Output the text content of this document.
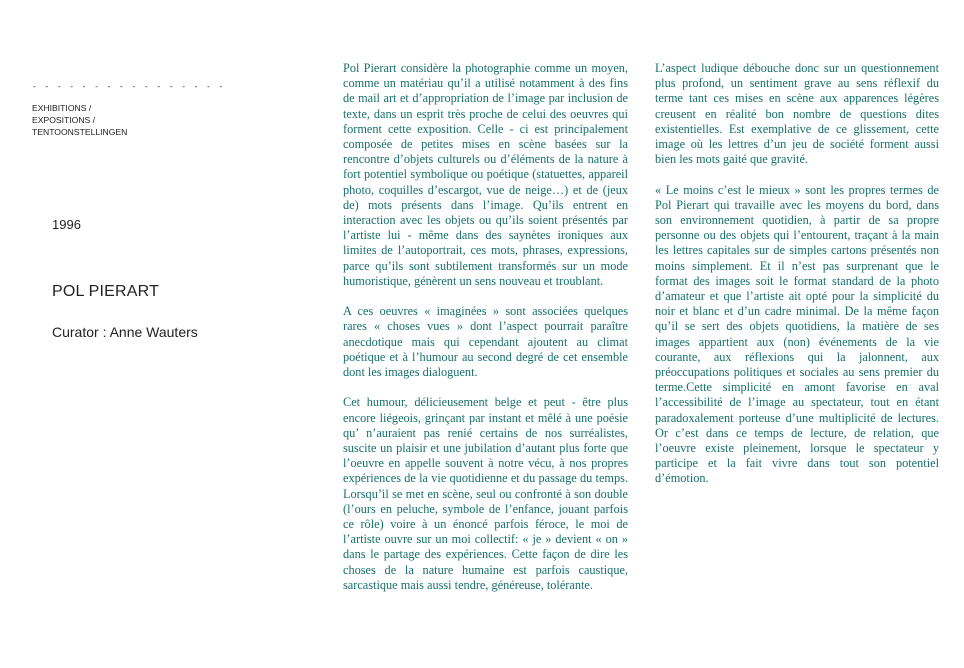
- - - - - - - - - - - - - - - -
EXHIBITIONS /
EXPOSITIONS /
TENTOONSTELLINGEN
1996
POL PIERART
Curator : Anne Wauters

Pol Pierart considère la photographie comme un moyen, comme un matériau qu’il a utilisé notamment à des fins de mail art et d’appropriation de l’image par inclusion de texte, dans un esprit très proche de celui des oeuvres qui forment cette exposition. Celle - ci est principalement composée de petites mises en scène basées sur la rencontre d’objets culturels ou d’éléments de la nature à fort potentiel symbolique ou poétique (statuettes, appareil photo, coquilles d’escargot, vue de neige…) et de (jeux de) mots présents dans l’image. Qu’ils entrent en interaction avec les objets ou qu’ils soient présentés par l’artiste lui - même dans des saynètes ironiques aux limites de l’autoportrait, ces mots, phrases, expressions, parce qu’ils sont subtilement transformés sur un mode humoristique, génèrent un sens nouveau et troublant.

A ces oeuvres « imaginées » sont associées quelques rares « choses vues » dont l’aspect pourrait paraître anecdotique mais qui cependant ajoutent au climat poétique et à l’humour au second degré de cet ensemble dont les images dialoguent.

Cet humour, délicieusement belge et peut - être plus encore liégeois, grinçant par instant et mêlé à une poésie qu’ n’auraient pas renié certains de nos surréalistes, suscite un plaisir et une jubilation d’autant plus forte que l’oeuvre en appelle souvent à notre vécu, à nos propres expériences de la vie quotidienne et du passage du temps. Lorsqu’il se met en scène, seul ou confronté à son double (l’ours en peluche, symbole de l’enfance, jouant parfois ce rôle) voire à un énoncé parfois féroce, le moi de l’artiste ouvre sur un moi collectif: « je » devient « on » dans le partage des expériences. Cette façon de dire les choses de la nature humaine est parfois caustique, sarcastique mais aussi tendre, généreuse, tolérante.

L’aspect ludique débouche donc sur un questionnement plus profond, un sentiment grave au sens réflexif du terme tant ces mises en scène aux apparences légères creusent en réalité bon nombre de questions dites existentielles. Est exemplative de ce glissement, cette image où les lettres d’un jeu de société forment aussi bien les mots gaité que gravité.

« Le moins c’est le mieux » sont les propres termes de Pol Pierart qui travaille avec les moyens du bord, dans son environnement quotidien, à partir de sa propre personne ou des objets qui l’entourent, traçant à la main les lettres capitales sur de simples cartons présentés non moins simplement. Et il n’est pas surprenant que le format des images soit le format standard de la photo d’amateur et que l’artiste ait opté pour la simplicité du noir et blanc et d’un cadre minimal. De la même façon qu’il se sert des objets quotidiens, la matière de ses images appartient aux (non) événements de la vie courante, aux réflexions qui la jalonnent, aux préoccupations politiques et sociales au sens premier du terme.Cette simplicité en amont favorise en aval l’accessibilité de l’image au spectateur, tout en étant paradoxalement porteuse d’une multiplicité de lectures. Or c’est dans ce temps de lecture, de relation, que l’oeuvre existe pleinement, lorsque le spectateur y participe et la fait vivre dans tout son potentiel d’émotion.
